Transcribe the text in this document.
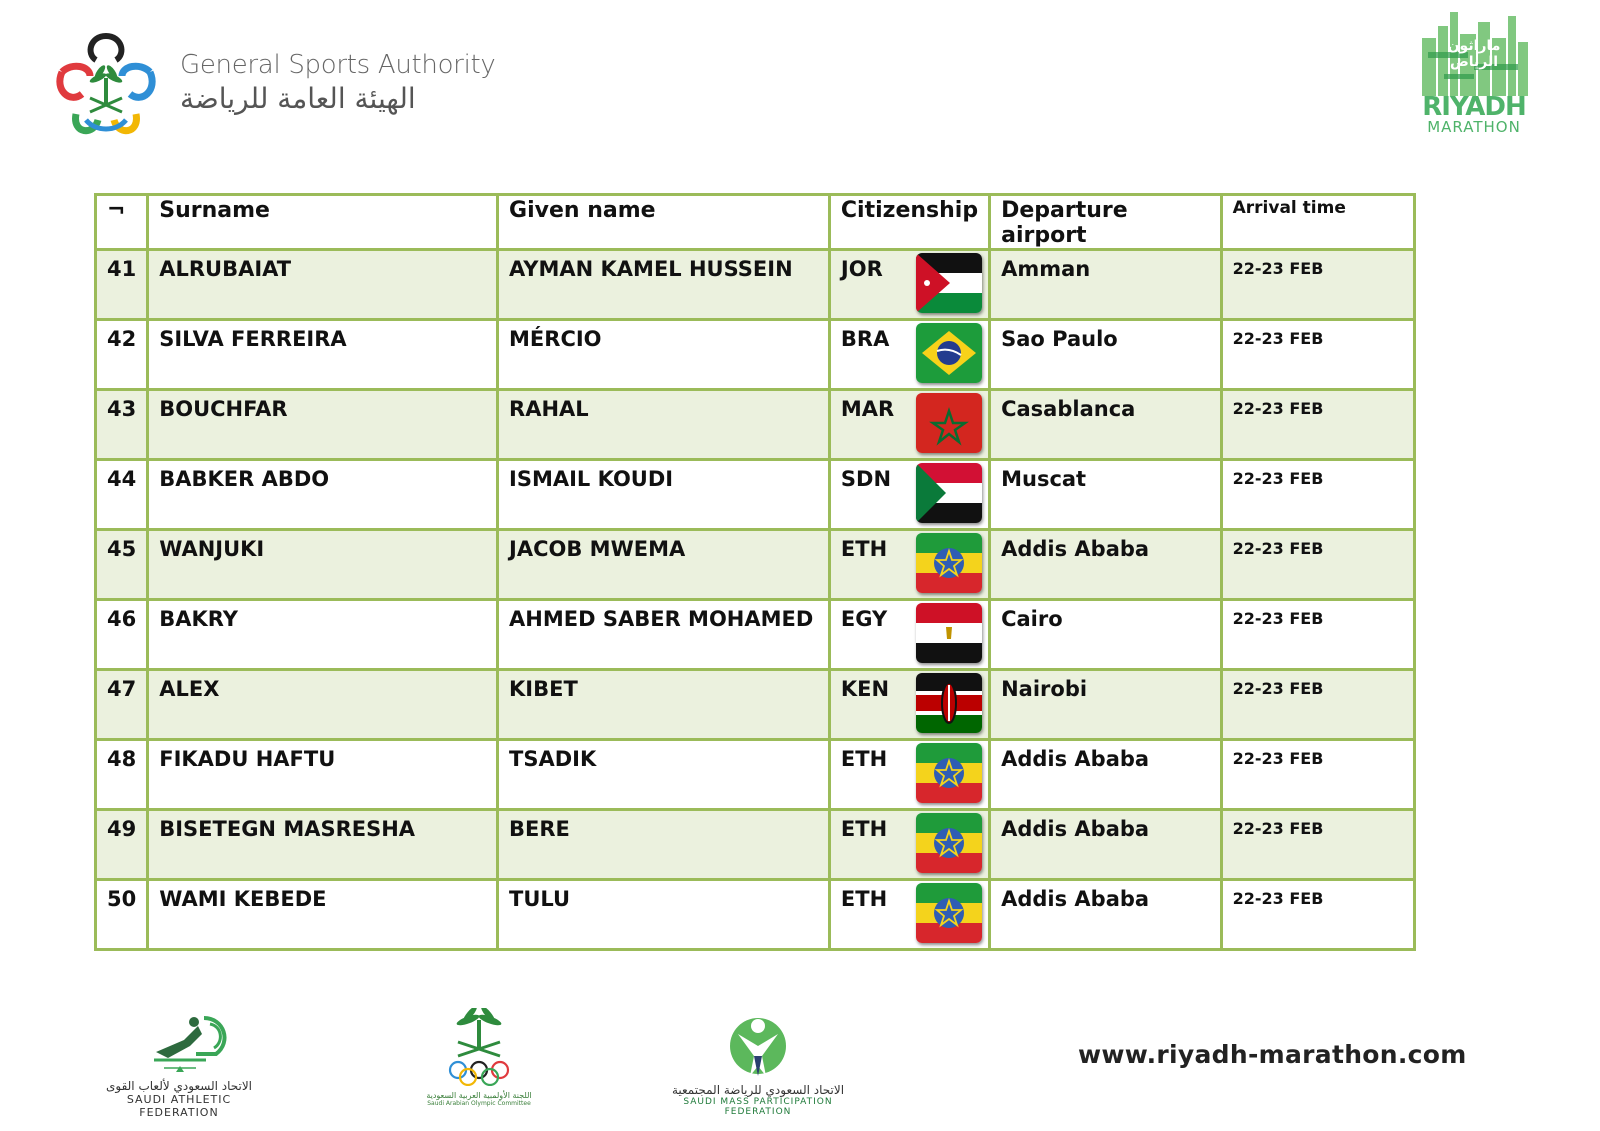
General Sports Authority
الهيئة العامة للرياضة
ماراثون الرياض
RIYADH
MARATHON
¬	Surname	Given name	Citizenship	Departure airport	Arrival time
41	ALRUBAIAT	AYMAN KAMEL HUSSEIN	JOR	Amman	22-23 FEB
42	SILVA FERREIRA	MÉRCIO	BRA	Sao Paulo	22-23 FEB
43	BOUCHFAR	RAHAL	MAR	Casablanca	22-23 FEB
44	BABKER ABDO	ISMAIL KOUDI	SDN	Muscat	22-23 FEB
45	WANJUKI	JACOB MWEMA	ETH	Addis Ababa	22-23 FEB
46	BAKRY	AHMED SABER MOHAMED	EGY	Cairo	22-23 FEB
47	ALEX	KIBET	KEN	Nairobi	22-23 FEB
48	FIKADU HAFTU	TSADIK	ETH	Addis Ababa	22-23 FEB
49	BISETEGN MASRESHA	BERE	ETH	Addis Ababa	22-23 FEB
50	WAMI KEBEDE	TULU	ETH	Addis Ababa	22-23 FEB
الاتحاد السعودي لألعاب القوى
SAUDI ATHLETIC FEDERATION
اللجنة الأولمبية العربية السعودية
Saudi Arabian Olympic Committee
الاتحاد السعودي للرياضة المجتمعية
SAUDI MASS PARTICIPATION FEDERATION
www.riyadh-marathon.com
